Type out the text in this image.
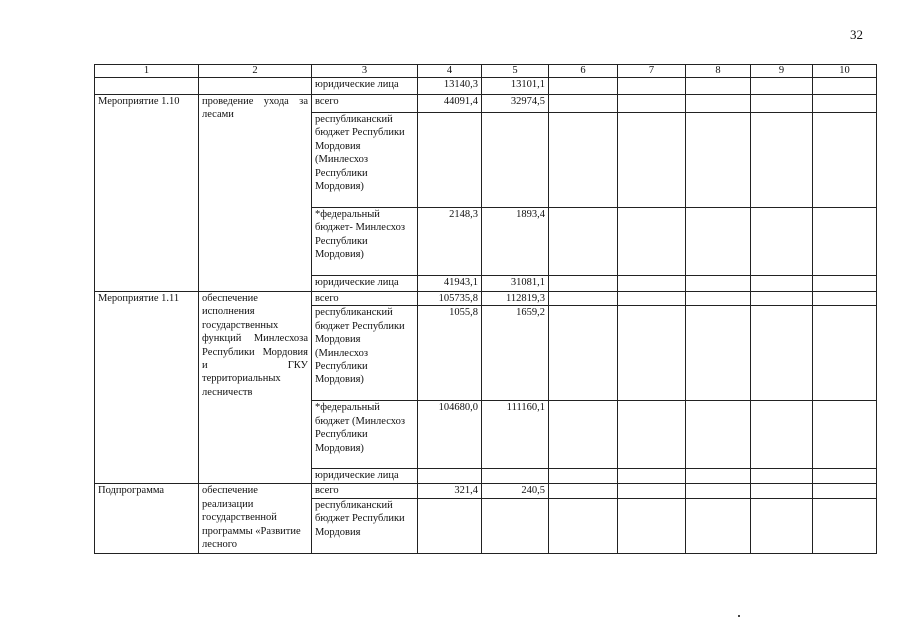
32
1	2	3	4	5	6	7	8	9	10
		юридические лица	13140,3	13101,1					
Мероприятие 1.10	проведение ухода за лесами	всего	44091,4	32974,5					
		республиканский бюджет Республики Мордовия (Минлесхоз Республики Мордовия)							
		*федеральный бюджет- Минлесхоз Республики Мордовия)	2148,3	1893,4					
		юридические лица	41943,1	31081,1					
Мероприятие 1.11	обеспечение исполнения государственных функций Минлесхоза Республики Мордовия и ГКУ территориальных лесничеств	всего	105735,8	112819,3					
		республиканский бюджет Республики Мордовия (Минлесхоз Республики Мордовия)	1055,8	1659,2					
		*федеральный бюджет (Минлесхоз Республики Мордовия)	104680,0	111160,1					
		юридические лица							
Подпрограмма	обеспечение реализации государственной программы «Развитие лесного	всего	321,4	240,5					
		республиканский бюджет Республики Мордовия							
